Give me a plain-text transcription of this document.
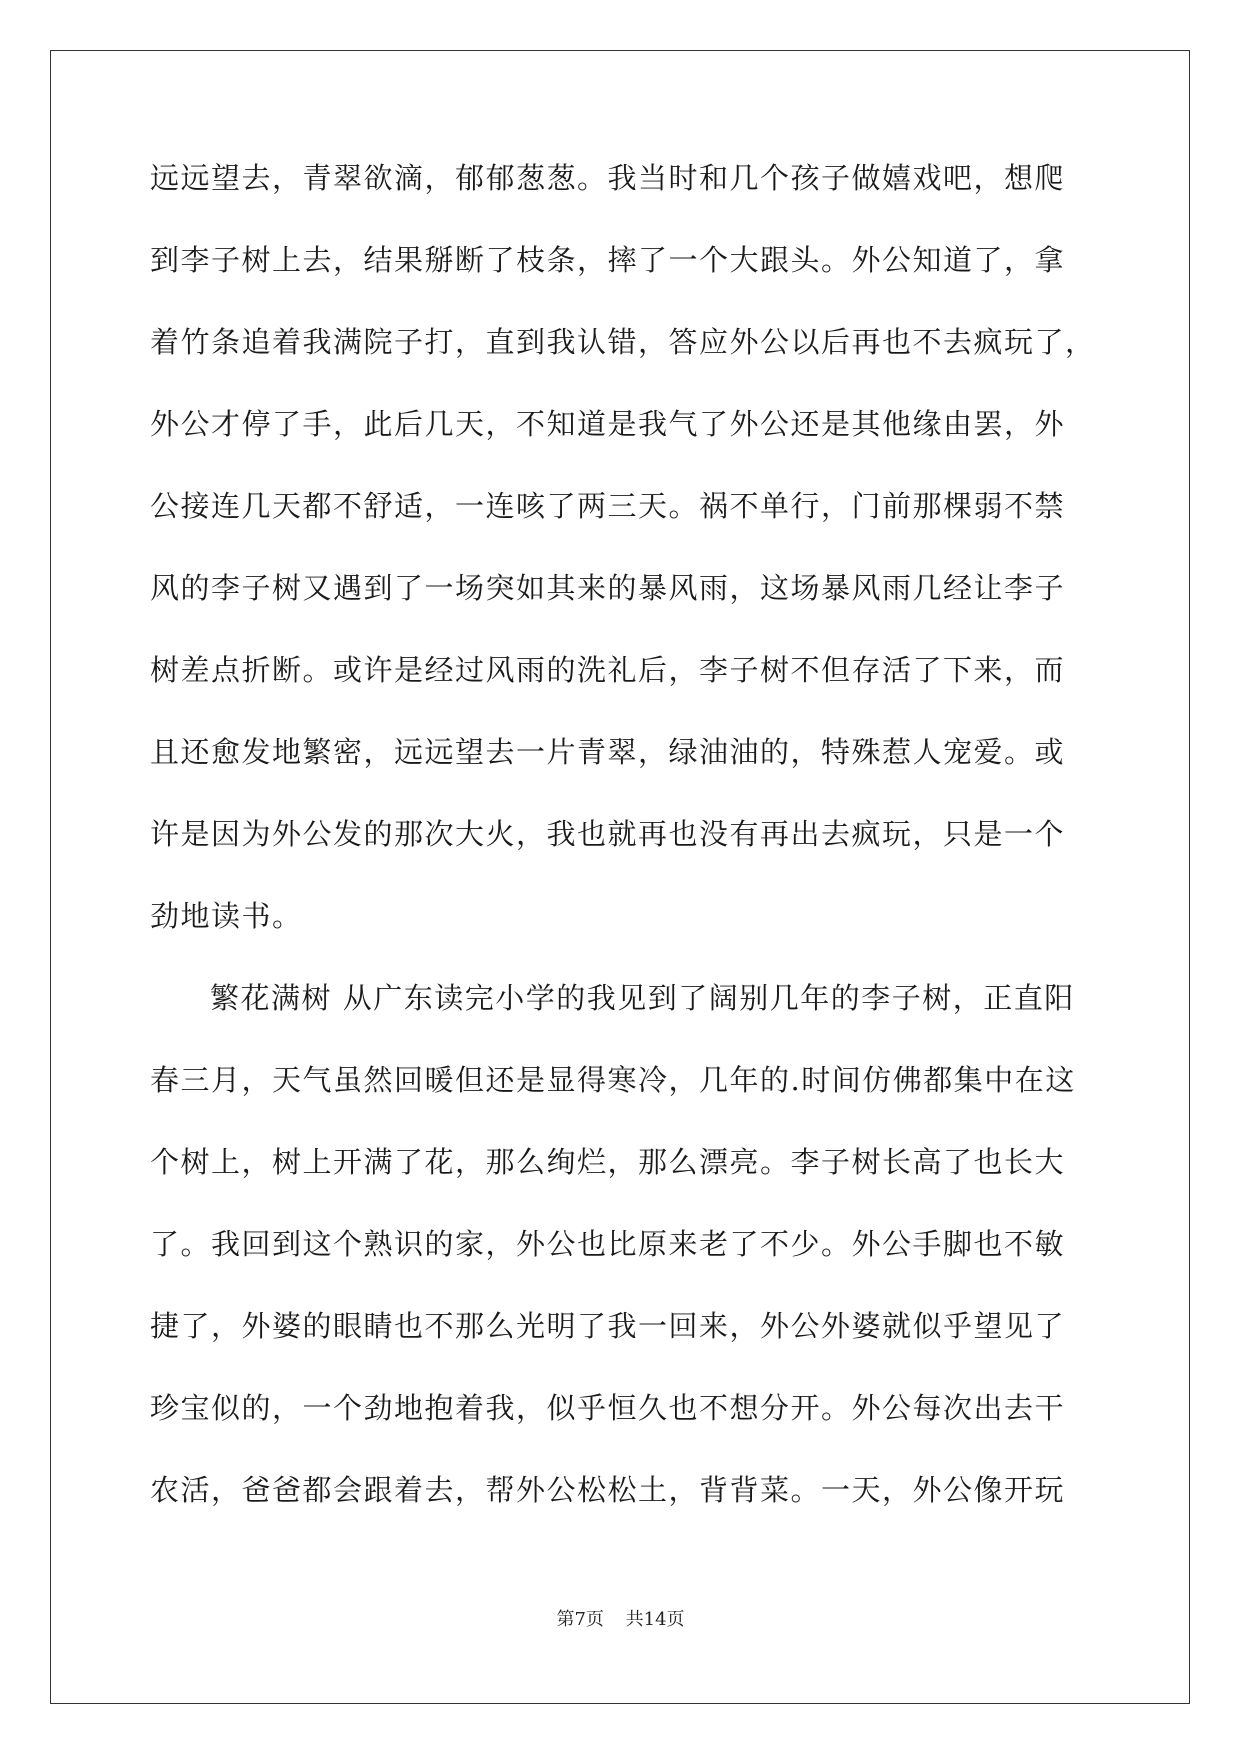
远远望去，青翠欲滴，郁郁葱葱。我当时和几个孩子做嬉戏吧，想爬
到李子树上去，结果掰断了枝条，摔了一个大跟头。外公知道了，拿
着竹条追着我满院子打，直到我认错，答应外公以后再也不去疯玩了，
外公才停了手，此后几天，不知道是我气了外公还是其他缘由罢，外
公接连几天都不舒适，一连咳了两三天。祸不单行，门前那棵弱不禁
风的李子树又遇到了一场突如其来的暴风雨，这场暴风雨几经让李子
树差点折断。或许是经过风雨的洗礼后，李子树不但存活了下来，而
且还愈发地繁密，远远望去一片青翠，绿油油的，特殊惹人宠爱。或
许是因为外公发的那次大火，我也就再也没有再出去疯玩，只是一个
劲地读书。
繁花满树 从广东读完小学的我见到了阔别几年的李子树，正直阳
春三月，天气虽然回暖但还是显得寒冷，几年的.时间仿佛都集中在这
个树上，树上开满了花，那么绚烂，那么漂亮。李子树长高了也长大
了。我回到这个熟识的家，外公也比原来老了不少。外公手脚也不敏
捷了，外婆的眼睛也不那么光明了我一回来，外公外婆就似乎望见了
珍宝似的，一个劲地抱着我，似乎恒久也不想分开。外公每次出去干
农活，爸爸都会跟着去，帮外公松松土，背背菜。一天，外公像开玩
第7页 共14页
